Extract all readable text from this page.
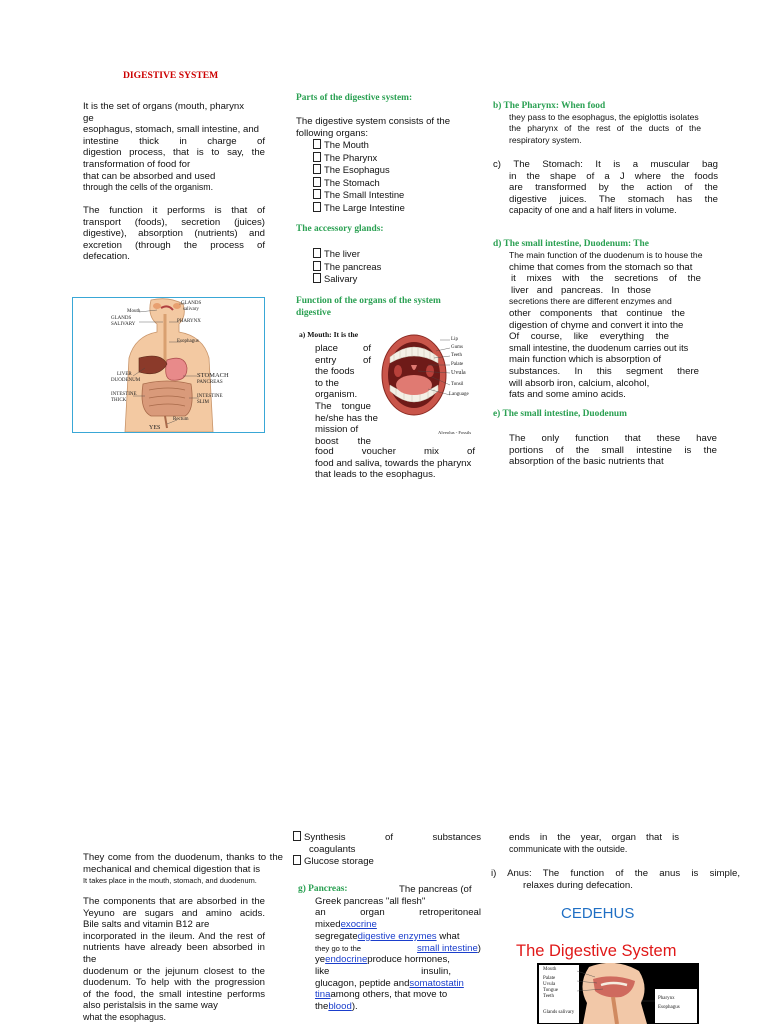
DIGESTIVE SYSTEM
It is the set of organs (mouth, pharynx
ge
esophagus, stomach, small intestine, and
intestine thick in charge of
digestion process, that is to say, the
transformation of food for
that can be absorbed and used
through the cells of the organism.
The function it performs is that of
transport (foods), secretion (juices)
digestive), absorption (nutrients) and
excretion (through the process of
defecation.
GLANDS
salivary
Mouth
GLANDS SALIVARY
PHARYNX
Esophagus
LIVER
DUODENUM
STOMACH
PANCREAS
INTESTINE THICK
INTESTINE SLIM
Rectum
YES
Parts of the digestive system:
The digestive system consists of the
following organs:
The Mouth
The Pharynx
The Esophagus
The Stomach
The Small Intestine
The Large Intestine
The accessory glands:
The liver
The pancreas
Salivary
Function of the organs of the system
digestive
a) Mouth: It is the
place of
entry of
the foods
to the
organism.
The tongue
he/she has the
mission of
boost the
Lip
Gums
Teeth
Palate
Uvula
Tonsil
Language
Alveolus - Fossils
food voucher mix of
food and saliva, towards the pharynx
that leads to the esophagus.
b) The Pharynx: When food
they pass to the esophagus, the epiglottis isolates
the pharynx of the rest of the ducts of the
respiratory system.
c) The Stomach: It is a muscular bag
in the shape of a J where the foods
are transformed by the action of the
digestive juices. The stomach has the
capacity of one and a half liters in volume.
d) The small intestine, Duodenum: The
The main function of the duodenum is to house the
chime that comes from the stomach so that
it mixes with the secretions of the
liver and pancreas. In those
secretions there are different enzymes and
other components that continue the
digestion of chyme and convert it into the
Of course, like everything the
small intestine, the duodenum carries out its
main function which is absorption of
substances. In this segment there
will absorb iron, calcium, alcohol,
fats and some amino acids.
e) The small intestine, Duodenum
The only function that these have
portions of the small intestine is the
absorption of the basic nutrients that
They come from the duodenum, thanks to the
mechanical and chemical digestion that is
It takes place in the mouth, stomach, and duodenum.
The components that are absorbed in the
Yeyuno are sugars and amino acids.
Bile salts and vitamin B12 are
incorporated in the ileum. And the rest of
nutrients have already been absorbed in the
duodenum or the jejunum closest to the
duodenum. To help with the progression
of the food, the small intestine performs
also peristalsis in the same way
what the esophagus.
Synthesis of substances
coagulants
Glucose storage
g) Pancreas:	The pancreas (of
Greek pancreas "all flesh"
an organ retroperitoneal
mixedexocrine
segregatedigestive enzymes what
they go to the	small intestine)
yeendocrineproduce hormones,
like insulin,
glucagon, peptide andsomatostatin
tinaamong others, that move to
theblood).
ends in the year, organ that is
communicate with the outside.
i) Anus: The function of the anus is simple,
relaxes during defecation.
CEDEHUS
The Digestive System
Mouth
Palate
Uvula
Tongue
Teeth
Glands salivary
Pharynx
Esophagus
